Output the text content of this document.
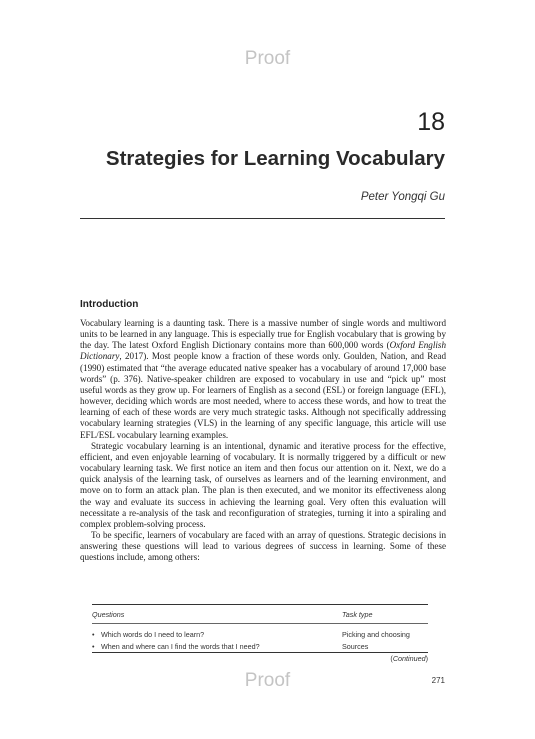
Proof
18
Strategies for Learning Vocabulary
Peter Yongqi Gu
Introduction

Vocabulary learning is a daunting task. There is a massive number of single words and multiword units to be learned in any language. This is especially true for English vocabulary that is growing by the day. The latest Oxford English Dictionary contains more than 600,000 words (Oxford English Dictionary, 2017). Most people know a fraction of these words only. Goulden, Nation, and Read (1990) estimated that “the average educated native speaker has a vocabulary of around 17,000 base words” (p. 376). Native-speaker children are exposed to vocabulary in use and “pick up” most useful words as they grow up. For learners of English as a second (ESL) or foreign language (EFL), however, deciding which words are most needed, where to access these words, and how to treat the learning of each of these words are very much strategic tasks. Although not specifically addressing vocabulary learning strategies (VLS) in the learning of any specific language, this article will use EFL/ESL vocabulary learning examples.

Strategic vocabulary learning is an intentional, dynamic and iterative process for the effective, efficient, and even enjoyable learning of vocabulary. It is normally triggered by a difficult or new vocabulary learning task. We first notice an item and then focus our attention on it. Next, we do a quick analysis of the learning task, of ourselves as learners and of the learning environment, and move on to form an attack plan. The plan is then executed, and we monitor its effectiveness along the way and evaluate its success in achieving the learning goal. Very often this evaluation will necessitate a re-analysis of the task and reconfiguration of strategies, turning it into a spiraling and complex problem-solving process.

To be specific, learners of vocabulary are faced with an array of questions. Strategic decisions in answering these questions will lead to various degrees of success in learning. Some of these questions include, among others:

Questions	Task type
• Which words do I need to learn?	Picking and choosing
• When and where can I find the words that I need?	Sources
(Continued)
Proof	271
